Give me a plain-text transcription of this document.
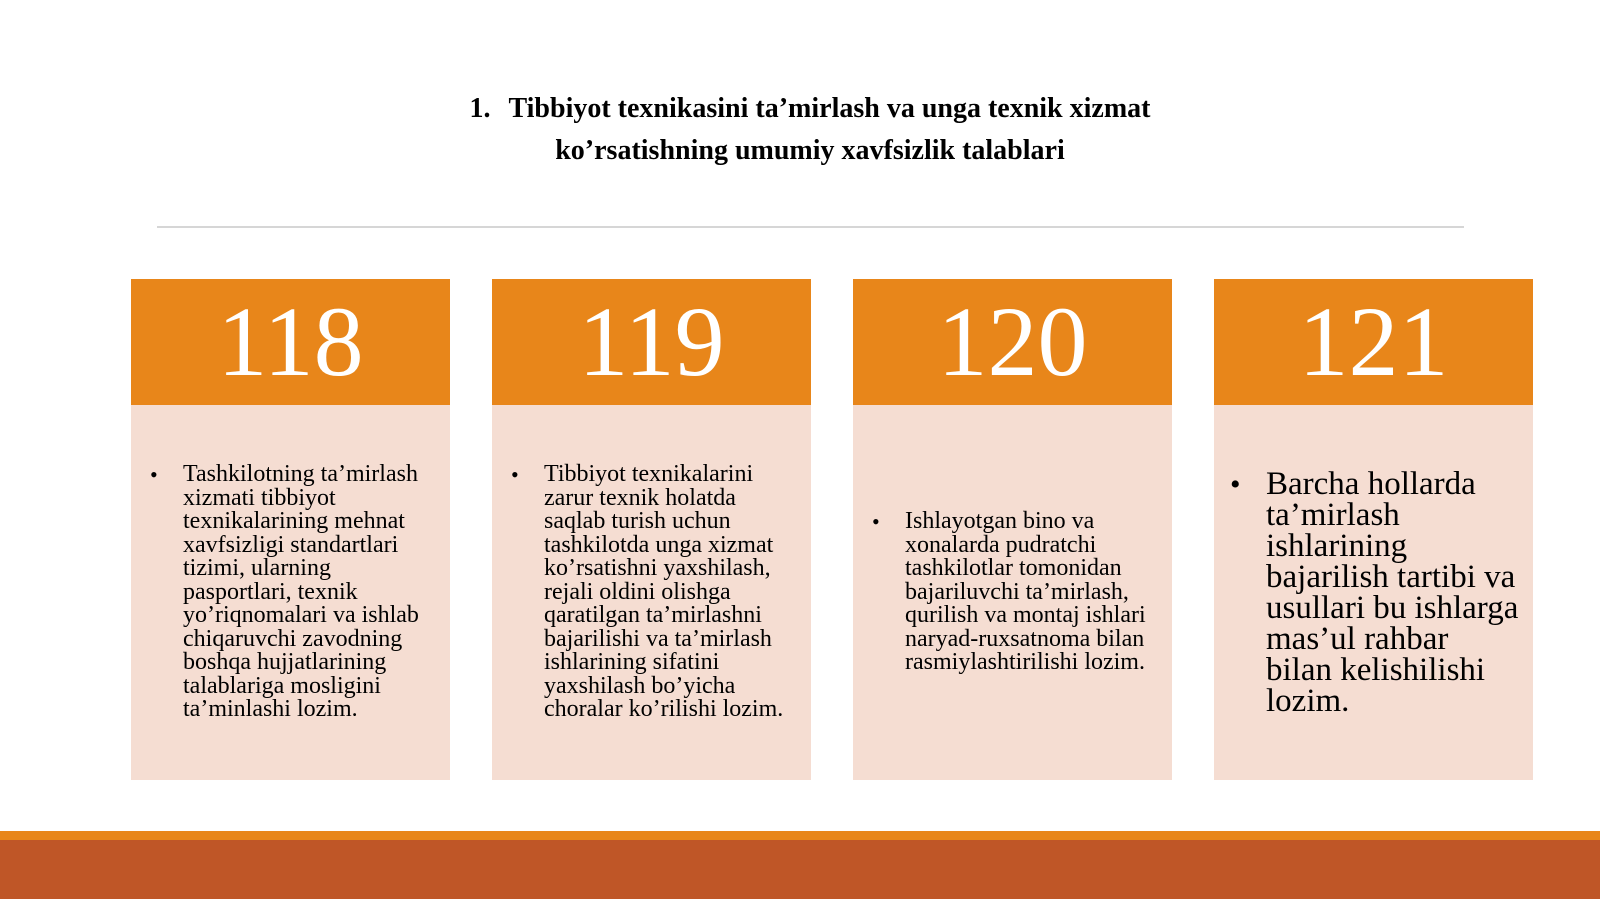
1. Tibbiyot texnikasini ta’mirlash va unga texnik xizmat
ko’rsatishning umumiy xavfsizlik talablari
118
• Tashkilotning ta’mirlash xizmati tibbiyot texnikalarining mehnat xavfsizligi standartlari tizimi, ularning pasportlari, texnik yo’riqnomalari va ishlab chiqaruvchi zavodning boshqa hujjatlarining talablariga mosligini ta’minlashi lozim.
119
• Tibbiyot texnikalarini zarur texnik holatda saqlab turish uchun tashkilotda unga xizmat ko’rsatishni yaxshilash, rejali oldini olishga qaratilgan ta’mirlashni bajarilishi va ta’mirlash ishlarining sifatini yaxshilash bo’yicha choralar ko’rilishi lozim.
120
• Ishlayotgan bino va xonalarda pudratchi tashkilotlar tomonidan bajariluvchi ta’mirlash, qurilish va montaj ishlari naryad-ruxsatnoma bilan rasmiylashtirilishi lozim.
121
• Barcha hollarda ta’mirlash ishlarining bajarilish tartibi va usullari bu ishlarga mas’ul rahbar bilan kelishilishi lozim.
